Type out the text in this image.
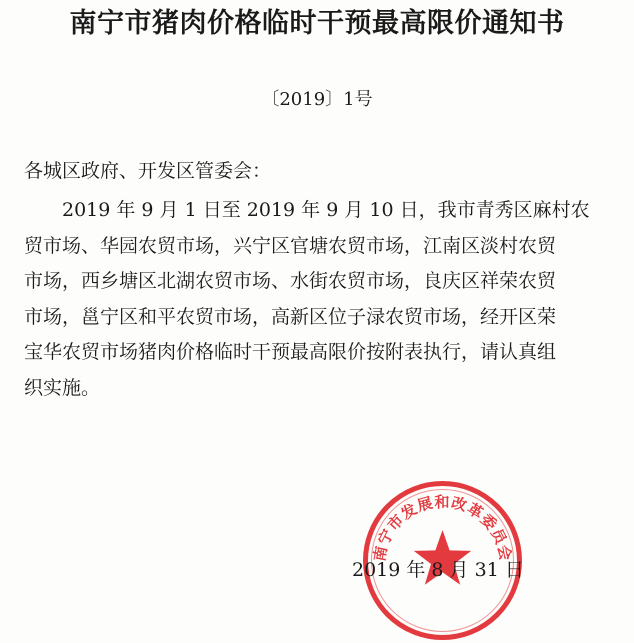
南宁市猪肉价格临时干预最高限价通知书
〔2019〕1号
各城区政府、开发区管委会：
2019 年 9 月 1 日至 2019 年 9 月 10 日，我市青秀区麻村农
贸市场、华园农贸市场，兴宁区官塘农贸市场，江南区淡村农贸
市场，西乡塘区北湖农贸市场、水街农贸市场，良庆区祥荣农贸
市场，邕宁区和平农贸市场，高新区位子渌农贸市场，经开区荣
宝华农贸市场猪肉价格临时干预最高限价按附表执行，请认真组
织实施。
南宁市发展和改革委员会
2019 年 8 月 31 日
